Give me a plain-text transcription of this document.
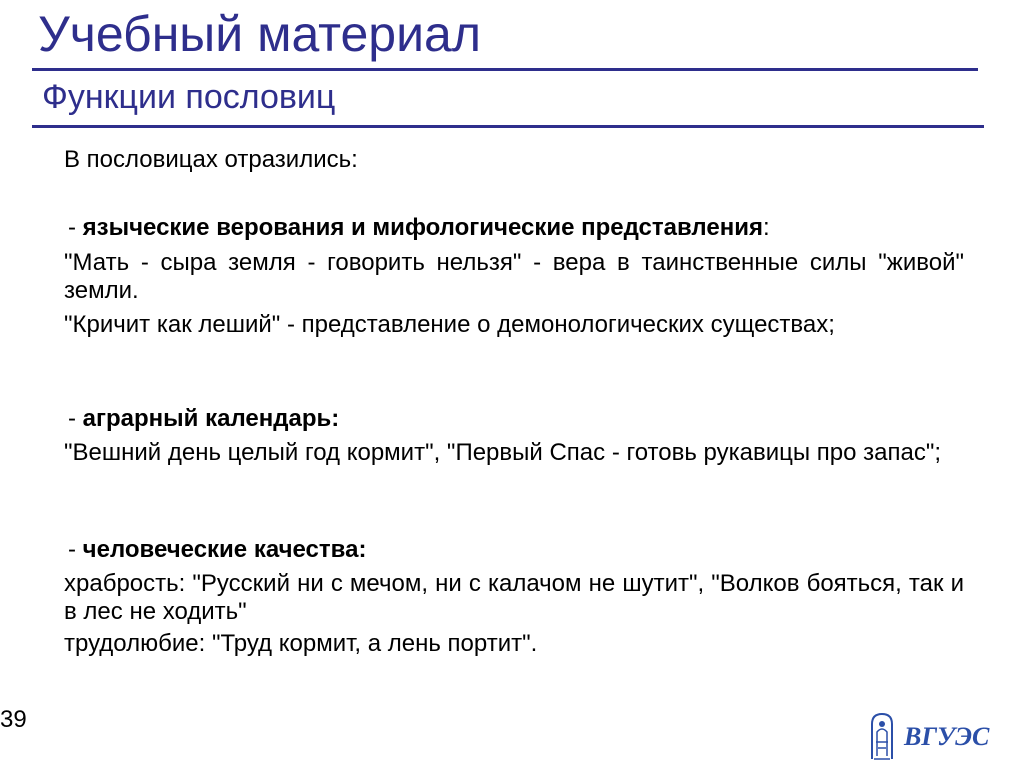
Учебный материал
Функции пословиц

В пословицах отразились:

- языческие верования и мифологические представления:

"Мать - сыра земля - говорить нельзя" - вера в таинственные силы "живой" земли.

"Кричит как леший" - представление о демонологических существах;

- аграрный календарь:

"Вешний день целый год кормит", "Первый Спас - готовь рукавицы про запас";

- человеческие качества:

храбрость: "Русский ни с мечом, ни с калачом не шутит", "Волков бояться, так и в лес не ходить"

трудолюбие: "Труд кормит, а лень портит".

39
ВГУЭС
